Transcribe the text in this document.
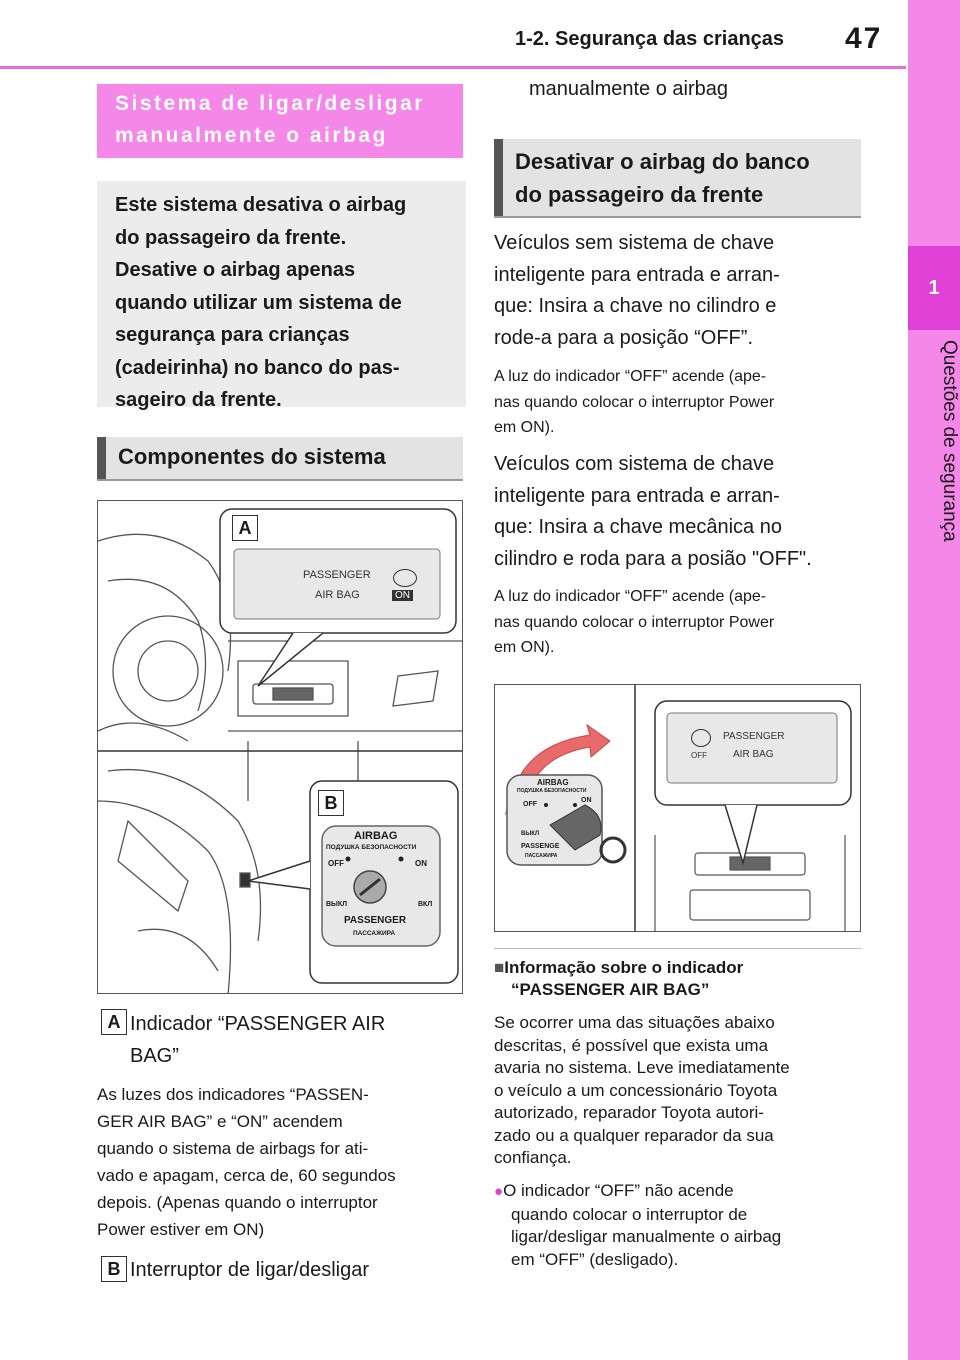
1-2. Segurança das crianças 47
1
Questões de segurança
Sistema de ligar/desligar
manualmente o airbag
Este sistema desativa o airbag
do passageiro da frente.
Desative o airbag apenas
quando utilizar um sistema de
segurança para crianças
(cadeirinha) no banco do pas-
sageiro da frente.
Componentes do sistema
A
B
PASSENGER
AIR BAG	ON
AIRBAG
ПОДУШКА БЕЗОПАСНОСТИ
OFF	ON
ВЫКЛ	ВКЛ
PASSENGER
ПАССАЖИРА
A Indicador “PASSENGER AIR
BAG”
As luzes dos indicadores “PASSEN-
GER AIR BAG” e “ON” acendem
quando o sistema de airbags for ati-
vado e apagam, cerca de, 60 segundos
depois. (Apenas quando o interruptor
Power estiver em ON)
B Interruptor de ligar/desligar
manualmente o airbag
Desativar o airbag do banco
do passageiro da frente
Veículos sem sistema de chave
inteligente para entrada e arran-
que: Insira a chave no cilindro e
rode-a para a posição “OFF”.
A luz do indicador “OFF” acende (ape-
nas quando colocar o interruptor Power
em ON).
Veículos com sistema de chave
inteligente para entrada e arran-
que: Insira a chave mecânica no
cilindro e roda para a posião "OFF".
A luz do indicador “OFF” acende (ape-
nas quando colocar o interruptor Power
em ON).
PASSENGER
AIR BAG
OFF
AIRBAG
ПОДУШКА БЕЗОПАСНОСТИ
OFF
ON
ВЫКЛ
PASSENGE
ПАССАЖИРА
■Informação sobre o indicador
“PASSENGER AIR BAG”
Se ocorrer uma das situações abaixo
descritas, é possível que exista uma
avaria no sistema. Leve imediatamente
o veículo a um concessionário Toyota
autorizado, reparador Toyota autori-
zado ou a qualquer reparador da sua
confiança.
●O indicador “OFF” não acende
quando colocar o interruptor de
ligar/desligar manualmente o airbag
em “OFF” (desligado).
